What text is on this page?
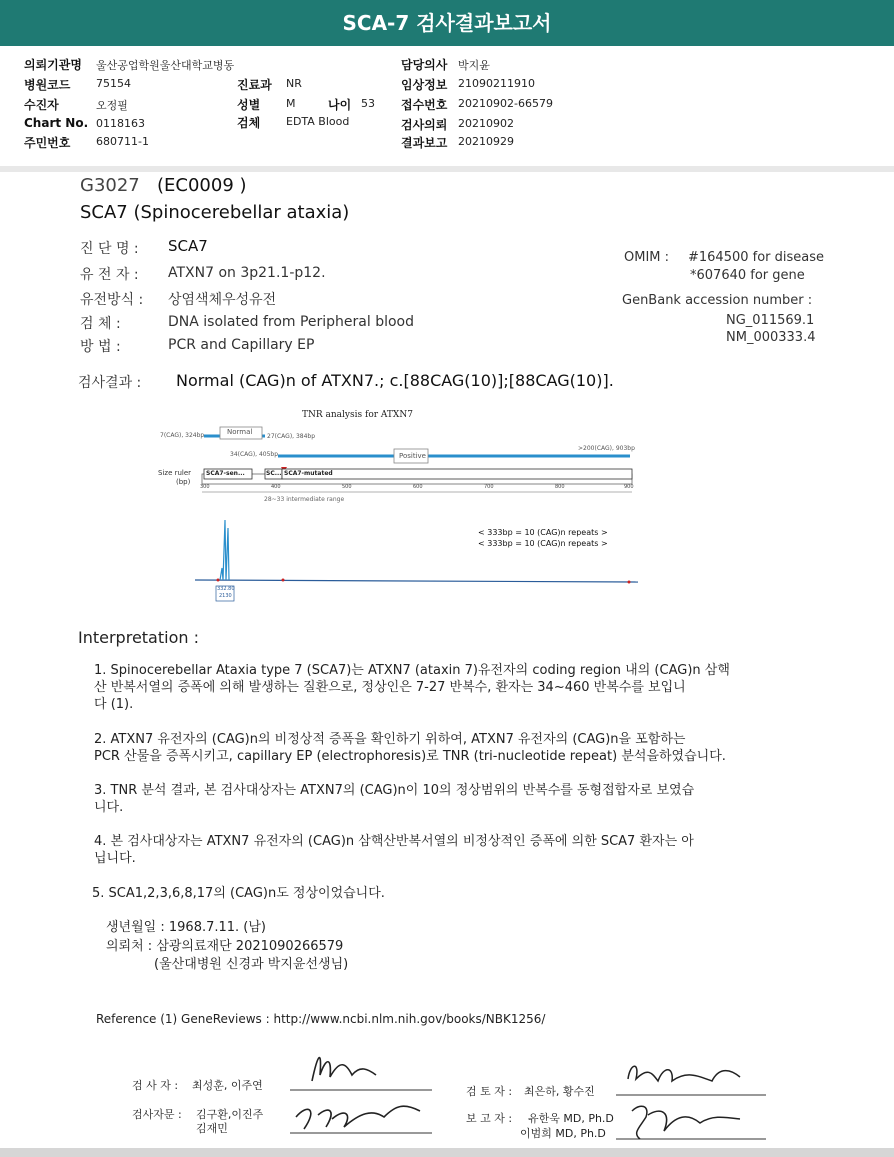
SCA-7 검사결과보고서
의뢰기관명 울산공업학원울산대학교병동
병원코드 75154
수진자	오정필
Chart No. 0118163
주민번호 680711-1
진료과 NR
성별 M	나이 53
검체 EDTA Blood
담당의사 박지윤
임상정보 21090211910
접수번호 20210902-66579
검사의뢰 20210902
결과보고 20210929
G3027 (EC0009 )
SCA7 (Spinocerebellar ataxia)
진 단 명 : SCA7
유 전 자 : ATXN7 on 3p21.1-p12.
유전방식 : 상염색체우성유전
검 체 :	DNA isolated from Peripheral blood
방 법 :	PCR and Capillary EP
OMIM : #164500 for disease
*607640 for gene
GenBank accession number :
NG_011569.1
NM_000333.4
검사결과 : Normal (CAG)n of ATXN7.; c.[88CAG(10)];[88CAG(10)].
TNR analysis for ATXN7
Normal
7(CAG), 324bp	27(CAG), 384bp
34(CAG), 405bp	Positive
>200(CAG), 903bp
Size ruler
(bp)
SCA7-sen...	SC... SCA7-mutated
300	400	500	600	700	800	900
28~33 intermediate range
< 333bp = 10 (CAG)n repeats >
< 333bp = 10 (CAG)n repeats >
332.80
2130
Interpretation :
1. Spinocerebellar Ataxia type 7 (SCA7)는 ATXN7 (ataxin 7)유전자의 coding region 내의 (CAG)n 삼핵
산 반복서열의 증폭에 의해 발생하는 질환으로, 정상인은 7-27 반복수, 환자는 34~460 반복수를 보입니
다 (1).
2. ATXN7 유전자의 (CAG)n의 비정상적 증폭을 확인하기 위하여, ATXN7 유전자의 (CAG)n을 포함하는
PCR 산물을 증폭시키고, capillary EP (electrophoresis)로 TNR (tri-nucleotide repeat) 분석을하였습니다.
3. TNR 분석 결과, 본 검사대상자는 ATXN7의 (CAG)n이 10의 정상범위의 반복수를 동형접합자로 보였습
니다.
4. 본 검사대상자는 ATXN7 유전자의 (CAG)n 삼핵산반복서열의 비정상적인 증폭에 의한 SCA7 환자는 아
닙니다.
5. SCA1,2,3,6,8,17의 (CAG)n도 정상이었습니다.
생년월일 : 1968.7.11. (남)
의뢰처 : 삼광의료재단 2021090266579
(울산대병원 신경과 박지윤선생님)
Reference (1) GeneReviews : http://www.ncbi.nlm.nih.gov/books/NBK1256/
검 사 자 : 최성훈, 이주연
검사자문 : 김구환,이진주
김재민
검 토 자 : 최은하, 황수진
보 고 자 : 유한욱 MD, Ph.D
이범희 MD, Ph.D
